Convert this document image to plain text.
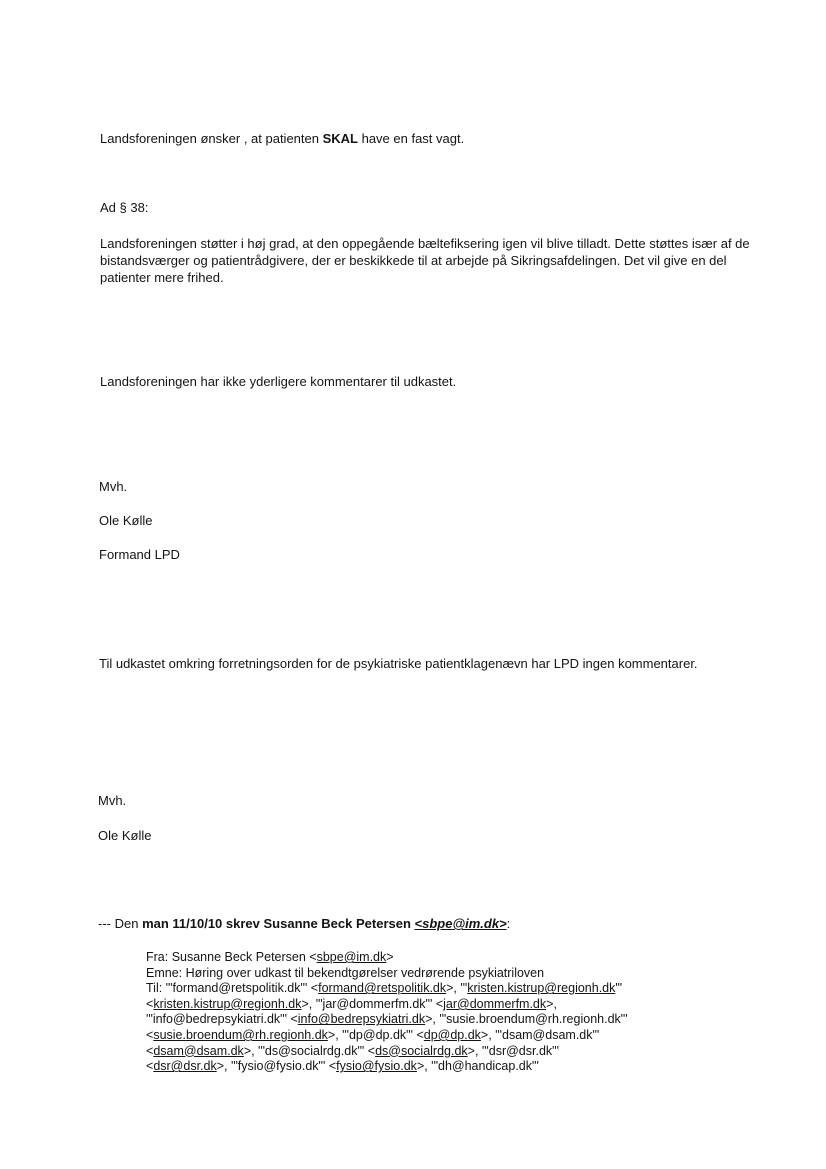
Landsforeningen ønsker , at patienten SKAL have en fast vagt.

Ad § 38:

Landsforeningen støtter i høj grad, at den oppegående bæltefiksering igen vil blive tilladt. Dette støttes især af de bistandsværger og patientrådgivere, der er beskikkede til at arbejde på Sikringsafdelingen. Det vil give en del patienter mere frihed.

Landsforeningen har ikke yderligere kommentarer til udkastet.

Mvh.

Ole Kølle

Formand LPD

Til udkastet omkring forretningsorden for de psykiatriske patientklagenævn har LPD ingen kommentarer.

Mvh.

Ole Kølle

--- Den man 11/10/10 skrev Susanne Beck Petersen <sbpe@im.dk>:

Fra: Susanne Beck Petersen <sbpe@im.dk>
Emne: Høring over udkast til bekendtgørelser vedrørende psykiatriloven
Til: '"formand@retspolitik.dk"' <formand@retspolitik.dk>, '"kristen.kistrup@regionh.dk"'
<kristen.kistrup@regionh.dk>, '"jar@dommerfm.dk"' <jar@dommerfm.dk>,
'"info@bedrepsykiatri.dk"' <info@bedrepsykiatri.dk>, '"susie.broendum@rh.regionh.dk"'
<susie.broendum@rh.regionh.dk>, '"dp@dp.dk"' <dp@dp.dk>, '"dsam@dsam.dk"'
<dsam@dsam.dk>, '"ds@socialrdg.dk"' <ds@socialrdg.dk>, '"dsr@dsr.dk"'
<dsr@dsr.dk>, '"fysio@fysio.dk"' <fysio@fysio.dk>, '"dh@handicap.dk"'
